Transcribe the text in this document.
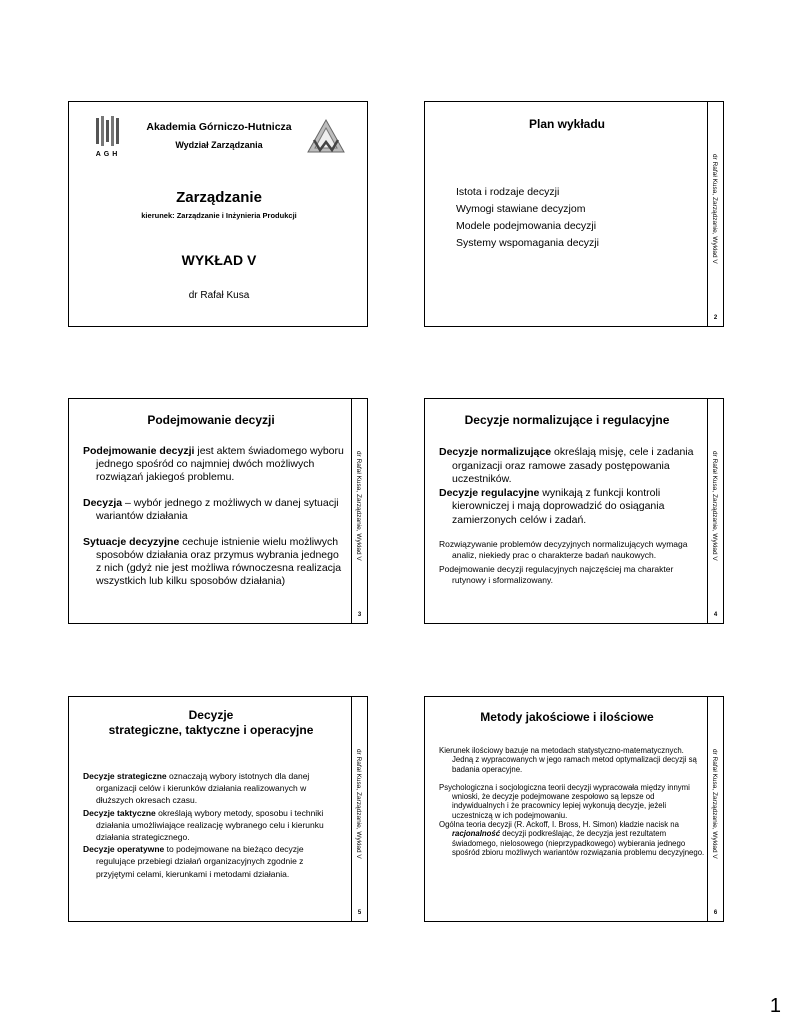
AGH
Akademia Górniczo-Hutnicza
Wydział Zarządzania
Zarządzanie
kierunek: Zarządzanie i Inżynieria Produkcji
WYKŁAD V
dr Rafał Kusa
Plan wykładu
Istota i rodzaje decyzji
Wymogi stawiane decyzjom
Modele podejmowania decyzji
Systemy wspomagania decyzji	dr Rafał Kusa, Zarządzanie, Wykład V
2
Podejmowanie decyzji

Podejmowanie decyzji jest aktem świadomego wyboru jednego spośród co najmniej dwóch możliwych rozwiązań jakiegoś problemu.

Decyzja – wybór jednego z możliwych w danej sytuacji wariantów działania

Sytuacje decyzyjne cechuje istnienie wielu możliwych sposobów działania oraz przymus wybrania jednego z nich (gdyż nie jest możliwa równoczesna realizacja wszystkich lub kilku sposobów działania)

dr Rafał Kusa, Zarządzanie, Wykład V
3
Decyzje normalizujące i regulacyjne

Decyzje normalizujące określają misję, cele i zadania organizacji oraz ramowe zasady postępowania uczestników.

Decyzje regulacyjne wynikają z funkcji kontroli kierowniczej i mają doprowadzić do osiągania zamierzonych celów i zadań.

Rozwiązywanie problemów decyzyjnych normalizujących wymaga analiz, niekiedy prac o charakterze badań naukowych.

Podejmowanie decyzji regulacyjnych najczęściej ma charakter rutynowy i sformalizowany.

dr Rafał Kusa, Zarządzanie, Wykład V
4
Decyzje
strategiczne, taktyczne i operacyjne

Decyzje strategiczne oznaczają wybory istotnych dla danej organizacji celów i kierunków działania realizowanych w dłuższych okresach czasu.

Decyzje taktyczne określają wybory metody, sposobu i techniki działania umożliwiające realizację wybranego celu i kierunku działania strategicznego.

Decyzje operatywne to podejmowane na bieżąco decyzje regulujące przebiegi działań organizacyjnych zgodnie z przyjętymi celami, kierunkami i metodami działania.

dr Rafał Kusa, Zarządzanie, Wykład V
5
Metody jakościowe i ilościowe

Kierunek ilościowy bazuje na metodach statystyczno-matematycznych. Jedną z wypracowanych w jego ramach metod optymalizacji decyzji są badania operacyjne.

Psychologiczna i socjologiczna teorii decyzji wypracowała między innymi wnioski, że decyzje podejmowane zespołowo są lepsze od indywidualnych i że pracownicy lepiej wykonują decyzje, jeżeli uczestniczą w ich podejmowaniu.

Ogólna teoria decyzji (R. Ackoff, I. Bross, H. Simon) kładzie nacisk na racjonalność decyzji podkreślając, że decyzja jest rezultatem świadomego, nielosowego (nieprzypadkowego) wybierania jednego spośród zbioru możliwych wariantów rozwiązania problemu decyzyjnego. dr Rafał Kusa, Zarządzanie, Wykład V
6
1
